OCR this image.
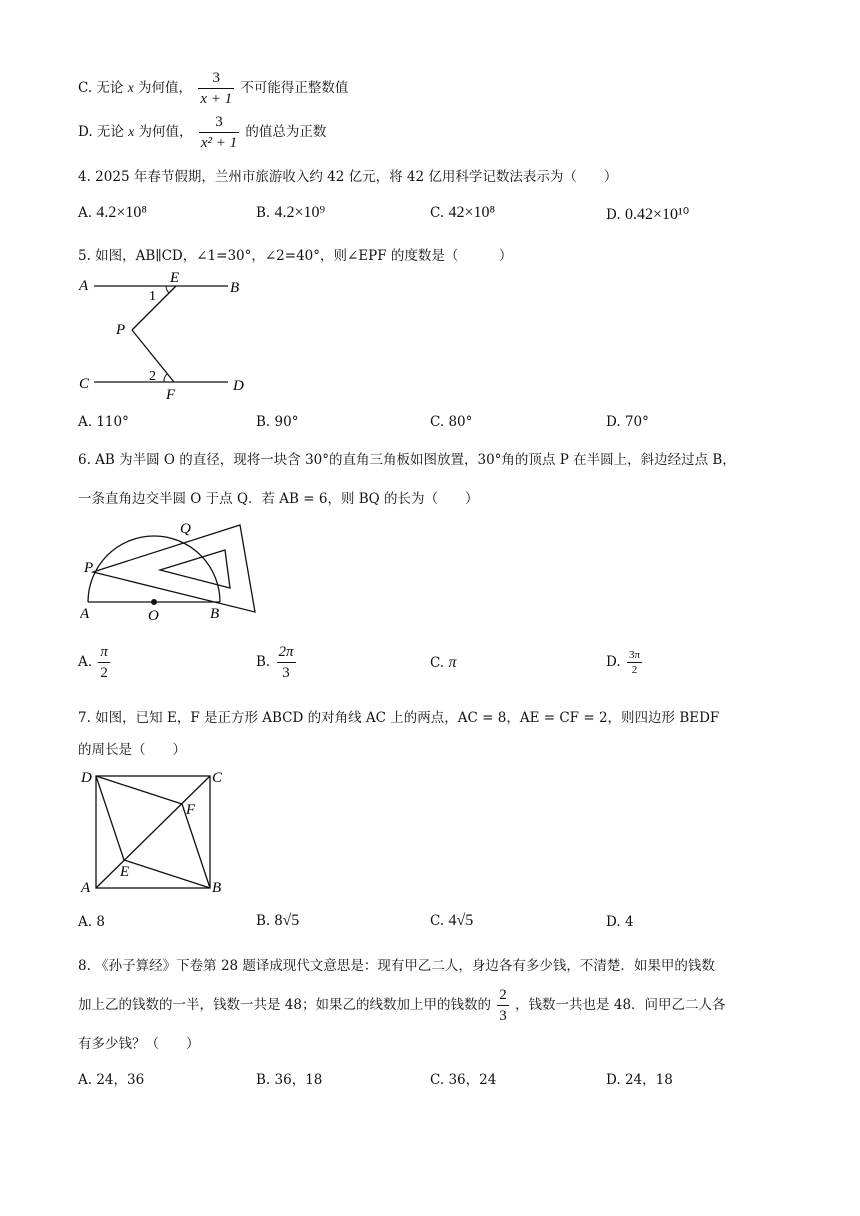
C. 无论 x 为何值， $\frac{3}{x + 1}$ 不可能得正整数值
D. 无论 x 为何值， $\frac{3}{\text{x² + 1}}$ 的值总为正数
4. 2025 年春节假期，兰州市旅游收入约 42 亿元，将 42 亿用科学记数法表示为（　　）
A. 4.2×10⁸	B. 4.2×10⁹	C. 42×10⁸	D. 0.42×10¹⁰
5. 如图，AB∥CD，∠1=30°，∠2=40°，则∠EPF 的度数是（　　　）
A	E
B
1
P
2
C	D
F
A. 110°	B. 90°	C. 80°	D. 70°
6. AB 为半圆 O 的直径，现将一块含 30°的直角三角板如图放置，30°角的顶点 P 在半圆上，斜边经过点 B，
一条直角边交半圆 O 于点 Q．若 AB = 6，则 BQ 的长为（　　）
Q
P
A	O	B
A. $\frac{\pi}{2}$	B. $\frac{2\pi}{3}$	C. π	D. $\frac{3\pi}{2}$
7. 如图，已知 E，F 是正方形 ABCD 的对角线 AC 上的两点，AC = 8，AE = CF = 2，则四边形 BEDF
的周长是（　　）
D	C
F
E
A	B
A. 8	B. 8√5	C. 4√5	D. 4
8. 《孙子算经》下卷第 28 题译成现代文意思是：现有甲乙二人，身边各有多少钱，不清楚．如果甲的钱数
加上乙的钱数的一半，钱数一共是 48；如果乙的线数加上甲的钱数的 $\frac{2}{3}$ ，钱数一共也是 48．问甲乙二人各
有多少钱？（　　）
A. 24，36	B. 36，18	C. 36，24	D. 24，18
